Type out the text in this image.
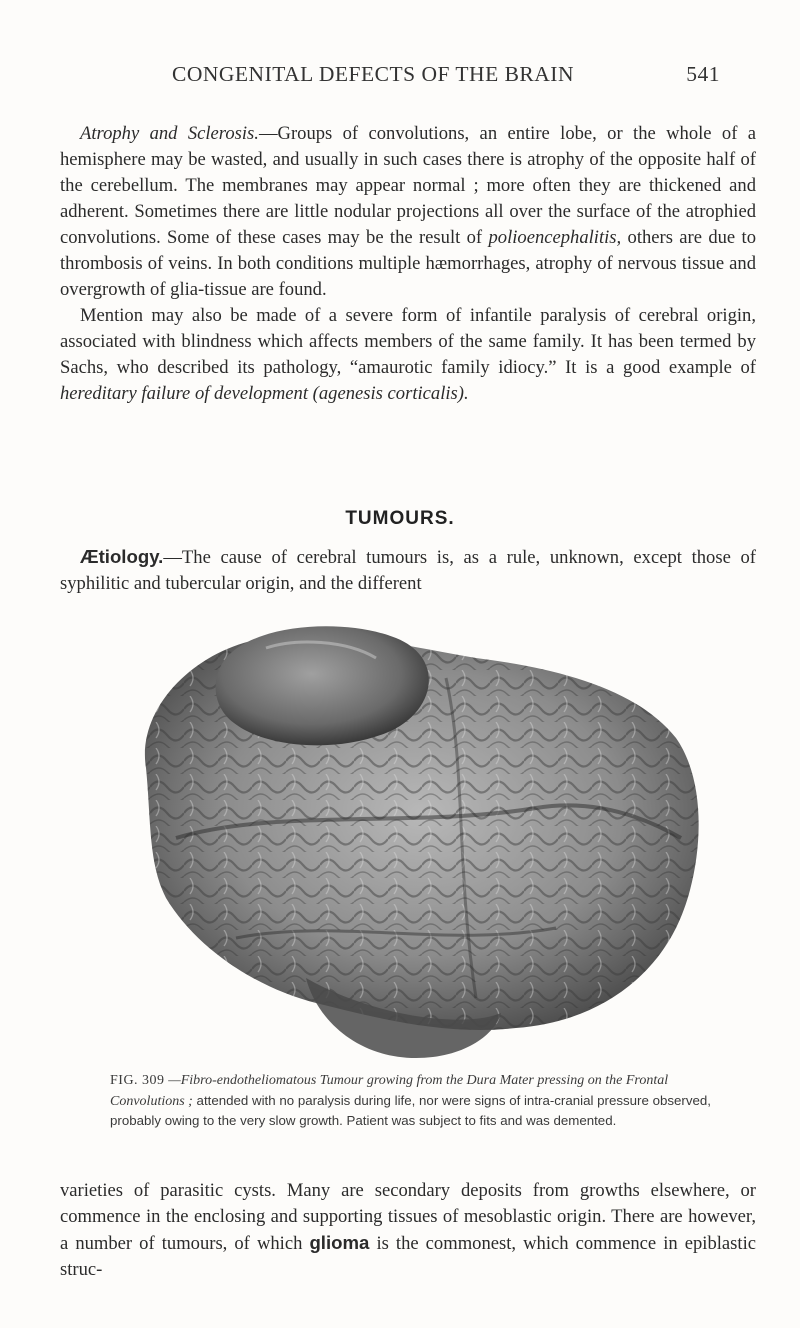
CONGENITAL DEFECTS OF THE BRAIN	541

Atrophy and Sclerosis.—Groups of convolutions, an entire lobe, or the whole of a hemisphere may be wasted, and usually in such cases there is atrophy of the opposite half of the cerebellum. The membranes may appear normal ; more often they are thickened and adherent. Sometimes there are little nodular projections all over the surface of the atrophied convolutions. Some of these cases may be the result of polioencephalitis, others are due to thrombosis of veins. In both conditions multiple hæmorrhages, atrophy of nervous tissue and overgrowth of glia-tissue are found.

Mention may also be made of a severe form of infantile paralysis of cerebral origin, associated with blindness which affects members of the same family. It has been termed by Sachs, who described its pathology, “amaurotic family idiocy.” It is a good example of hereditary failure of development (agenesis corticalis).

TUMOURS.

Ætiology.—The cause of cerebral tumours is, as a rule, unknown, except those of syphilitic and tubercular origin, and the different

FIG. 309 —Fibro-endotheliomatous Tumour growing from the Dura Mater pressing on the Frontal Convolutions ; attended with no paralysis during life, nor were signs of intra-cranial pressure observed, probably owing to the very slow growth. Patient was subject to fits and was demented.

varieties of parasitic cysts. Many are secondary deposits from growths elsewhere, or commence in the enclosing and supporting tissues of mesoblastic origin. There are however, a number of tumours, of which glioma is the commonest, which commence in epiblastic struc-
